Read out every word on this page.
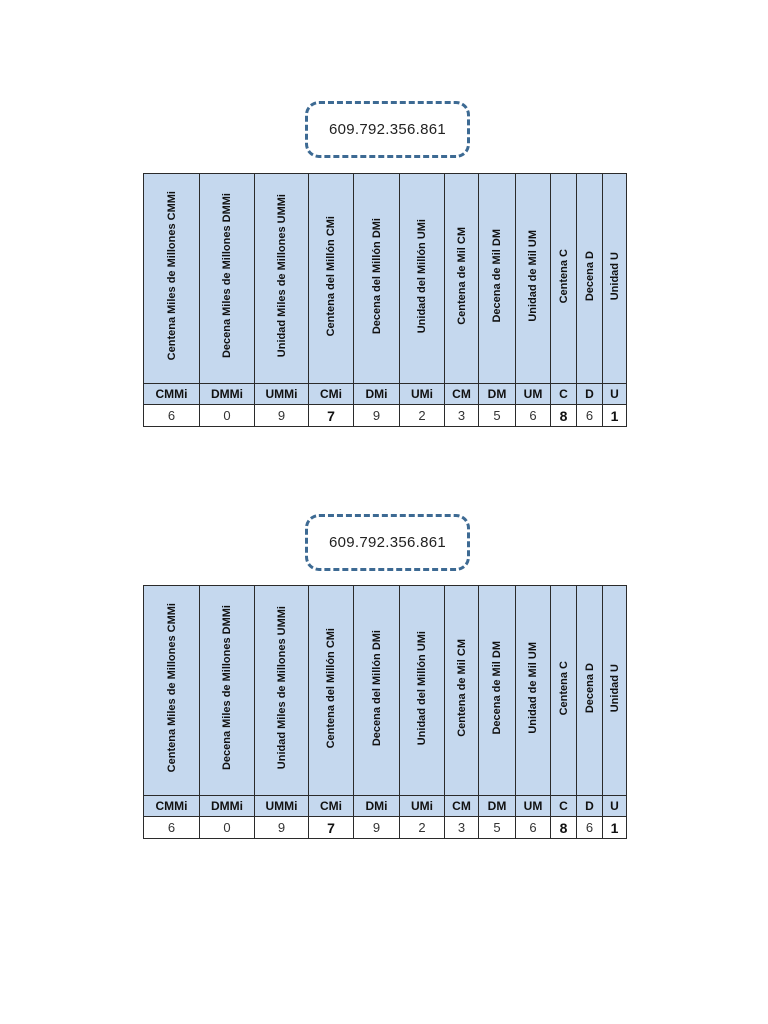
609.792.356.861
Centena Miles de Millones CMMi	Decena Miles de Millones DMMi	Unidad Miles de Millones UMMi	Centena del Millón CMi	Decena del Millón DMi	Unidad del Millón UMi	Centena de Mil CM	Decena de Mil DM	Unidad de Mil UM	Centena C	Decena D	Unidad U
CMMi	DMMi	UMMi	CMi	DMi	UMi	CM	DM	UM	C	D	U
6	0	9	7	9	2	3	5	6	8	6	1
609.792.356.861
Centena Miles de Millones CMMi	Decena Miles de Millones DMMi	Unidad Miles de Millones UMMi	Centena del Millón CMi	Decena del Millón DMi	Unidad del Millón UMi	Centena de Mil CM	Decena de Mil DM	Unidad de Mil UM	Centena C	Decena D	Unidad U
CMMi	DMMi	UMMi	CMi	DMi	UMi	CM	DM	UM	C	D	U
6	0	9	7	9	2	3	5	6	8	6	1
